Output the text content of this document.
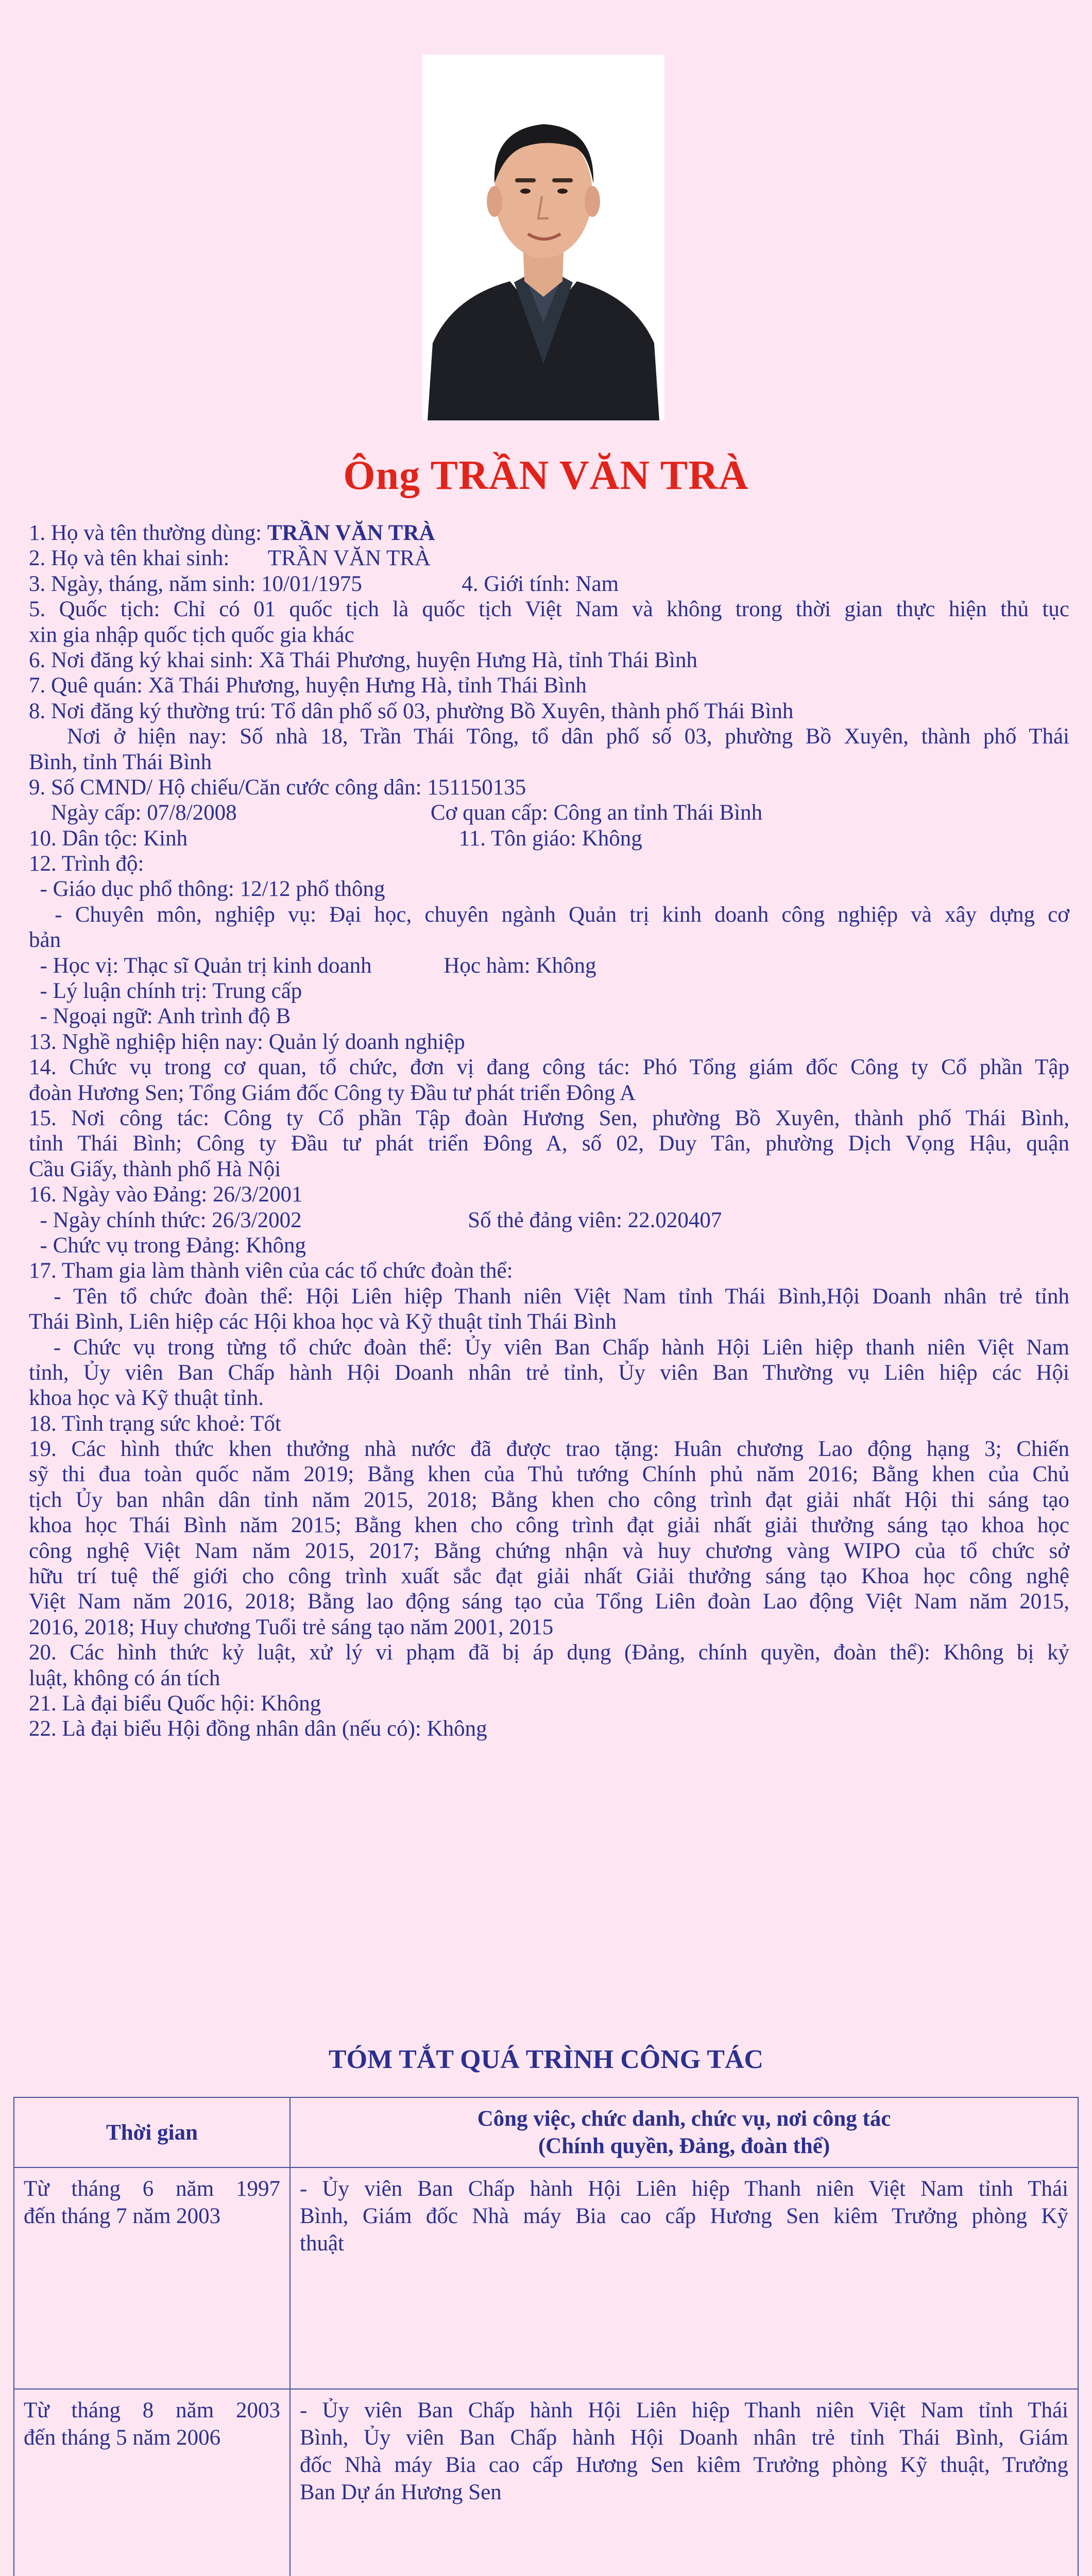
Ông TRẦN VĂN TRÀ
1. Họ và tên thường dùng: TRẦN VĂN TRÀ
2. Họ và tên khai sinh:       TRẦN VĂN TRÀ
3. Ngày, tháng, năm sinh: 10/01/1975                  4. Giới tính: Nam
5. Quốc tịch: Chỉ có 01 quốc tịch là quốc tịch Việt Nam và không trong thời gian thực hiện thủ tục
xin gia nhập quốc tịch quốc gia khác
6. Nơi đăng ký khai sinh: Xã Thái Phương, huyện Hưng Hà, tỉnh Thái Bình
7. Quê quán: Xã Thái Phương, huyện Hưng Hà, tỉnh Thái Bình
8. Nơi đăng ký thường trú: Tổ dân phố số 03, phường Bồ Xuyên, thành phố Thái Bình
Nơi ở hiện nay: Số nhà 18, Trần Thái Tông, tổ dân phố số 03, phường Bồ Xuyên, thành phố Thái
Bình, tỉnh Thái Bình
9. Số CMND/ Hộ chiếu/Căn cước công dân: 151150135
Ngày cấp: 07/8/2008                                   Cơ quan cấp: Công an tỉnh Thái Bình
10. Dân tộc: Kinh                                                 11. Tôn giáo: Không
12. Trình độ:
- Giáo dục phổ thông: 12/12 phổ thông
- Chuyên môn, nghiệp vụ: Đại học, chuyên ngành Quản trị kinh doanh công nghiệp và xây dựng cơ
bản
- Học vị: Thạc sĩ Quản trị kinh doanh             Học hàm: Không
- Lý luận chính trị: Trung cấp
- Ngoại ngữ: Anh trình độ B
13. Nghề nghiệp hiện nay: Quản lý doanh nghiệp
14. Chức vụ trong cơ quan, tổ chức, đơn vị đang công tác: Phó Tổng giám đốc Công ty Cổ phần Tập
đoàn Hương Sen; Tổng Giám đốc Công ty Đầu tư phát triển Đông A
15. Nơi công tác: Công ty Cổ phần Tập đoàn Hương Sen, phường Bồ Xuyên, thành phố Thái Bình,
tỉnh Thái Bình; Công ty Đầu tư phát triển Đông A, số 02, Duy Tân, phường Dịch Vọng Hậu, quận
Cầu Giấy, thành phố Hà Nội
16. Ngày vào Đảng: 26/3/2001
- Ngày chính thức: 26/3/2002                              Số thẻ đảng viên: 22.020407
- Chức vụ trong Đảng: Không
17. Tham gia làm thành viên của các tổ chức đoàn thể:
- Tên tổ chức đoàn thể: Hội Liên hiệp Thanh niên Việt Nam tỉnh Thái Bình,Hội Doanh nhân trẻ tỉnh
Thái Bình, Liên hiệp các Hội khoa học và Kỹ thuật tỉnh Thái Bình
- Chức vụ trong từng tổ chức đoàn thể: Ủy viên Ban Chấp hành Hội Liên hiệp thanh niên Việt Nam
tỉnh, Ủy viên Ban Chấp hành Hội Doanh nhân trẻ tỉnh, Ủy viên Ban Thường vụ Liên hiệp các Hội
khoa học và Kỹ thuật tỉnh.
18. Tình trạng sức khoẻ: Tốt
19. Các hình thức khen thưởng nhà nước đã được trao tặng: Huân chương Lao động hạng 3; Chiến
sỹ thi đua toàn quốc năm 2019; Bằng khen của Thủ tướng Chính phủ năm 2016; Bằng khen của Chủ
tịch Ủy ban nhân dân tỉnh năm 2015, 2018; Bằng khen cho công trình đạt giải nhất Hội thi sáng tạo
khoa học Thái Bình năm 2015; Bằng khen cho công trình đạt giải nhất giải thưởng sáng tạo khoa học
công nghệ Việt Nam năm 2015, 2017; Bằng chứng nhận và huy chương vàng WIPO của tổ chức sở
hữu trí tuệ thế giới cho công trình xuất sắc đạt giải nhất Giải thưởng sáng tạo Khoa học công nghệ
Việt Nam năm 2016, 2018; Bằng lao động sáng tạo của Tổng Liên đoàn Lao động Việt Nam năm 2015,
2016, 2018; Huy chương Tuổi trẻ sáng tạo năm 2001, 2015
20. Các hình thức kỷ luật, xử lý vi phạm đã bị áp dụng (Đảng, chính quyền, đoàn thể): Không bị kỷ
luật, không có án tích
21. Là đại biểu Quốc hội: Không
22. Là đại biểu Hội đồng nhân dân (nếu có): Không
TÓM TẮT QUÁ TRÌNH CÔNG TÁC
Thời gian	Công việc, chức danh, chức vụ, nơi công tác
(Chính quyền, Đảng, đoàn thể)

Từ tháng 6 năm 1997
đến tháng 7 năm 2003	- Ủy viên Ban Chấp hành Hội Liên hiệp Thanh niên Việt Nam tỉnh Thái
Bình, Giám đốc Nhà máy Bia cao cấp Hương Sen kiêm Trưởng phòng Kỹ
thuật

Từ tháng 8 năm 2003
đến tháng 5 năm 2006	- Ủy viên Ban Chấp hành Hội Liên hiệp Thanh niên Việt Nam tỉnh Thái
Bình, Ủy viên Ban Chấp hành Hội Doanh nhân trẻ tỉnh Thái Bình, Giám
đốc Nhà máy Bia cao cấp Hương Sen kiêm Trưởng phòng Kỹ thuật, Trưởng
Ban Dự án Hương Sen
